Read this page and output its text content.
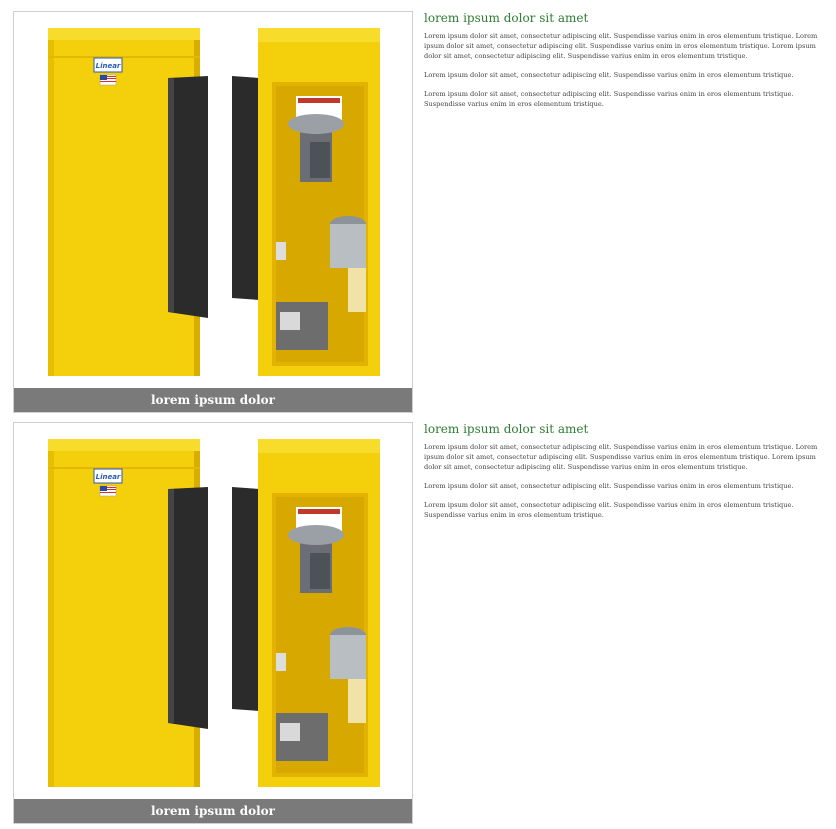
Linear
lorem ipsum dolor
lorem ipsum dolor sit amet

Lorem ipsum dolor sit amet, consectetur adipiscing elit. Suspendisse varius enim in eros elementum tristique. Lorem ipsum dolor sit amet, consectetur adipiscing elit. Suspendisse varius enim in eros elementum tristique. Lorem ipsum dolor sit amet, consectetur adipiscing elit. Suspendisse varius enim in eros elementum tristique.

Lorem ipsum dolor sit amet, consectetur adipiscing elit. Suspendisse varius enim in eros elementum tristique.

Lorem ipsum dolor sit amet, consectetur adipiscing elit. Suspendisse varius enim in eros elementum tristique. Suspendisse varius enim in eros elementum tristique.

Linear
lorem ipsum dolor
lorem ipsum dolor sit amet

Lorem ipsum dolor sit amet, consectetur adipiscing elit. Suspendisse varius enim in eros elementum tristique. Lorem ipsum dolor sit amet, consectetur adipiscing elit. Suspendisse varius enim in eros elementum tristique. Lorem ipsum dolor sit amet, consectetur adipiscing elit. Suspendisse varius enim in eros elementum tristique.

Lorem ipsum dolor sit amet, consectetur adipiscing elit. Suspendisse varius enim in eros elementum tristique.

Lorem ipsum dolor sit amet, consectetur adipiscing elit. Suspendisse varius enim in eros elementum tristique. Suspendisse varius enim in eros elementum tristique.
